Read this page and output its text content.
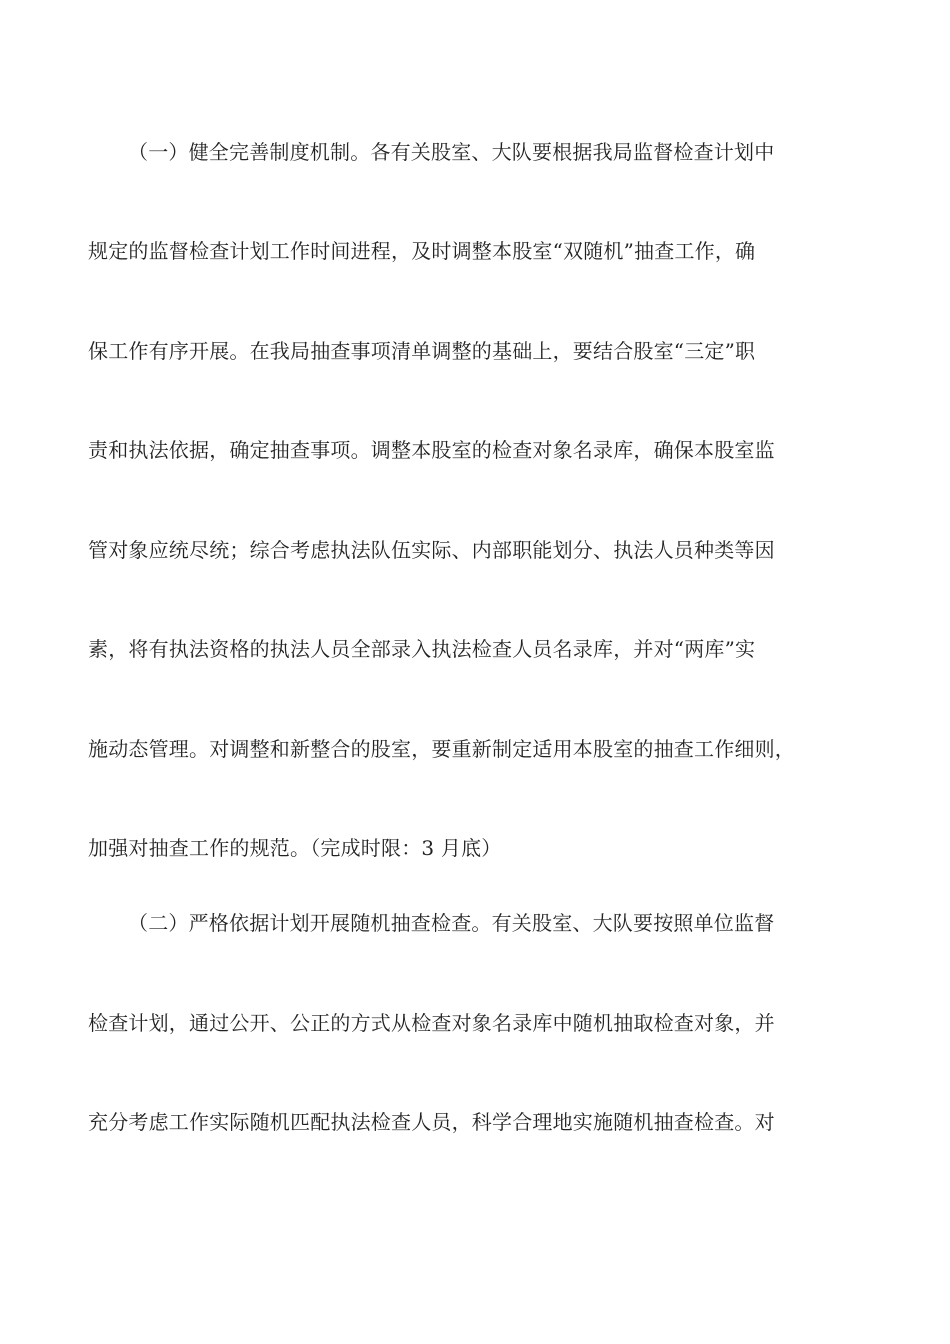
（一）健全完善制度机制。各有关股室、大队要根据我局监督检查计划中
规定的监督检查计划工作时间进程，及时调整本股室“双随机”抽查工作，确
保工作有序开展。在我局抽查事项清单调整的基础上，要结合股室“三定”职
责和执法依据，确定抽查事项。调整本股室的检查对象名录库，确保本股室监
管对象应统尽统；综合考虑执法队伍实际、内部职能划分、执法人员种类等因
素，将有执法资格的执法人员全部录入执法检查人员名录库，并对“两库”实
施动态管理。对调整和新整合的股室，要重新制定适用本股室的抽查工作细则，
加强对抽查工作的规范。（完成时限：3 月底）
（二）严格依据计划开展随机抽查检查。有关股室、大队要按照单位监督
检查计划，通过公开、公正的方式从检查对象名录库中随机抽取检查对象，并
充分考虑工作实际随机匹配执法检查人员，科学合理地实施随机抽查检查。对
